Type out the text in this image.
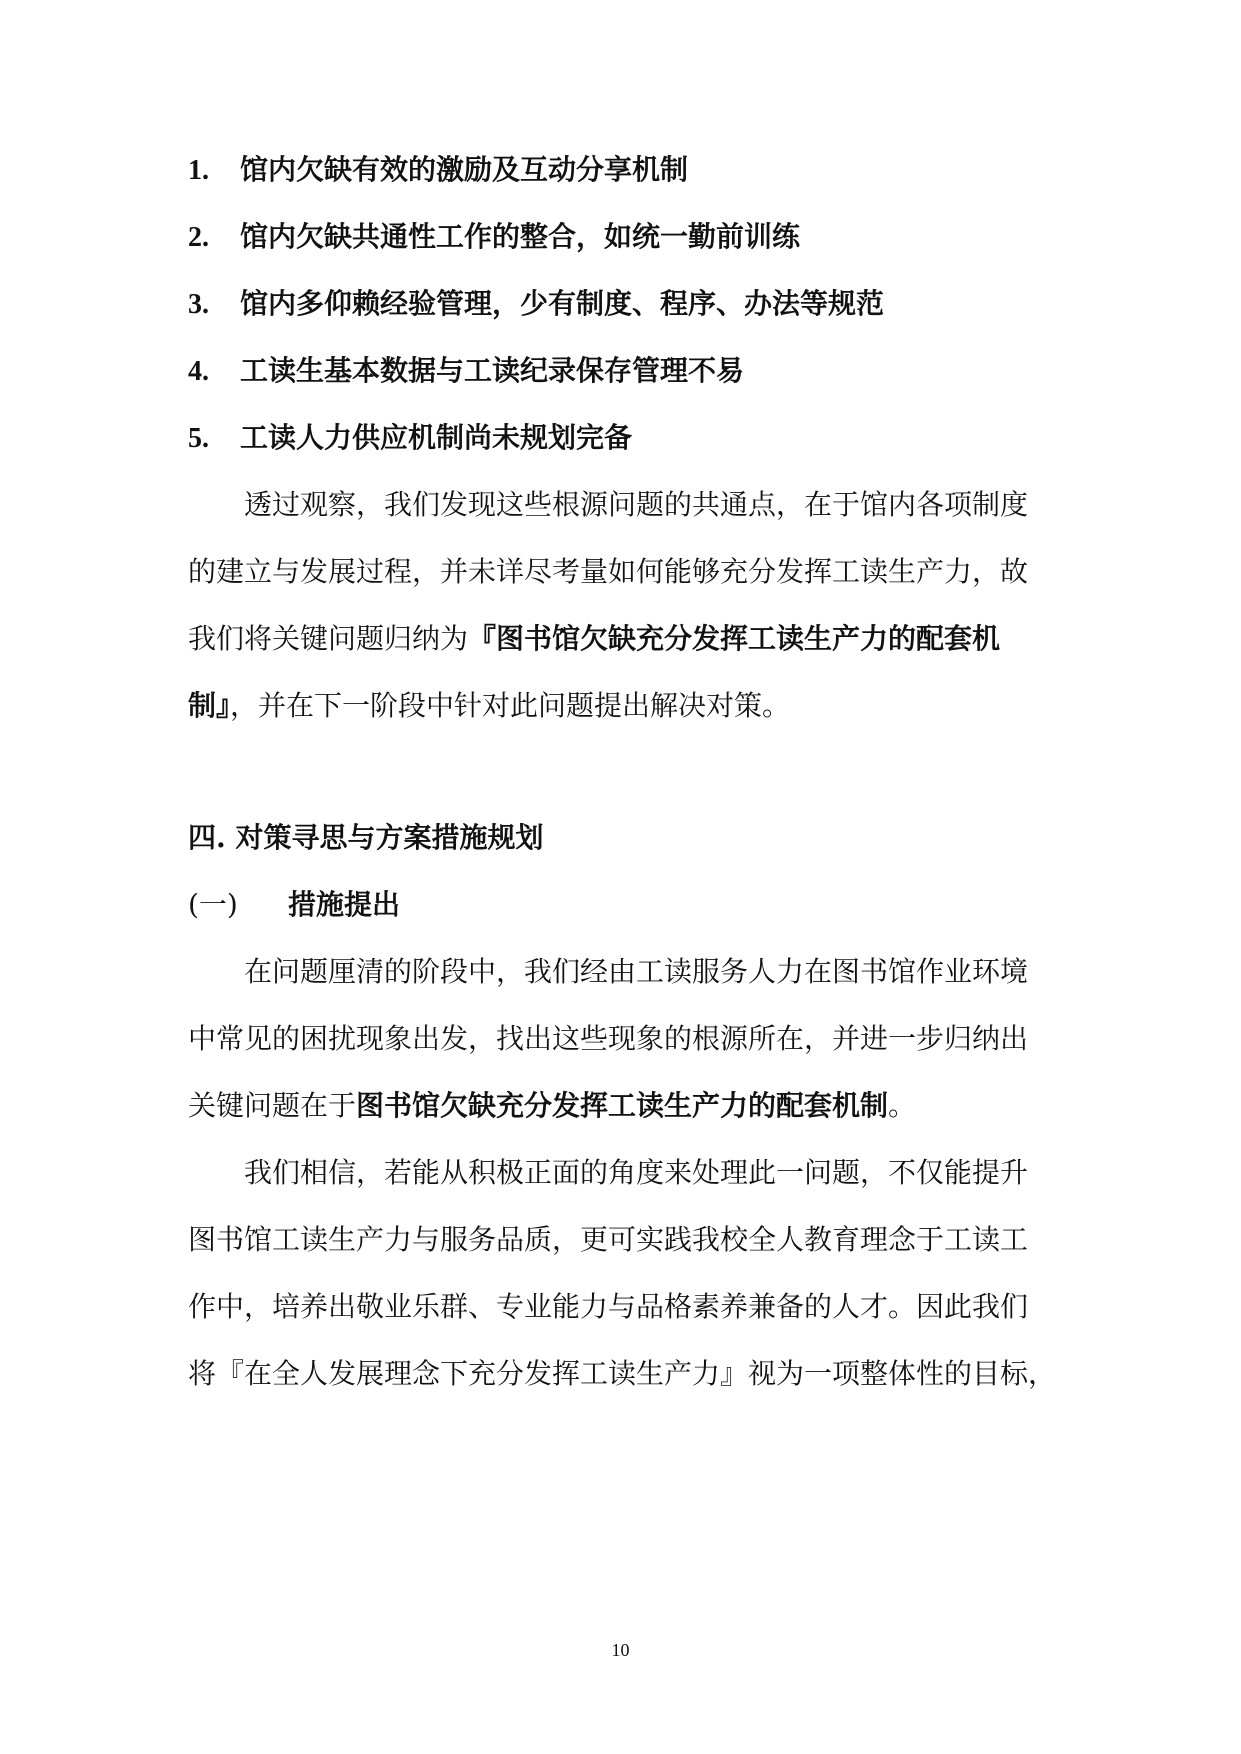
1. 馆内欠缺有效的激励及互动分享机制
2. 馆内欠缺共通性工作的整合，如统一勤前训练
3. 馆内多仰赖经验管理，少有制度、程序、办法等规范
4. 工读生基本数据与工读纪录保存管理不易
5. 工读人力供应机制尚未规划完备
透过观察，我们发现这些根源问题的共通点，在于馆内各项制度
的建立与发展过程，并未详尽考量如何能够充分发挥工读生产力，故
我们将关键问题归纳为『图书馆欠缺充分发挥工读生产力的配套机
制』，并在下一阶段中针对此问题提出解决对策。
四. 对策寻思与方案措施规划
(一) 措施提出
在问题厘清的阶段中，我们经由工读服务人力在图书馆作业环境
中常见的困扰现象出发，找出这些现象的根源所在，并进一步归纳出
关键问题在于图书馆欠缺充分发挥工读生产力的配套机制。
我们相信，若能从积极正面的角度来处理此一问题，不仅能提升
图书馆工读生产力与服务品质，更可实践我校全人教育理念于工读工
作中，培养出敬业乐群、专业能力与品格素养兼备的人才。因此我们
将『在全人发展理念下充分发挥工读生产力』视为一项整体性的目标，
10
